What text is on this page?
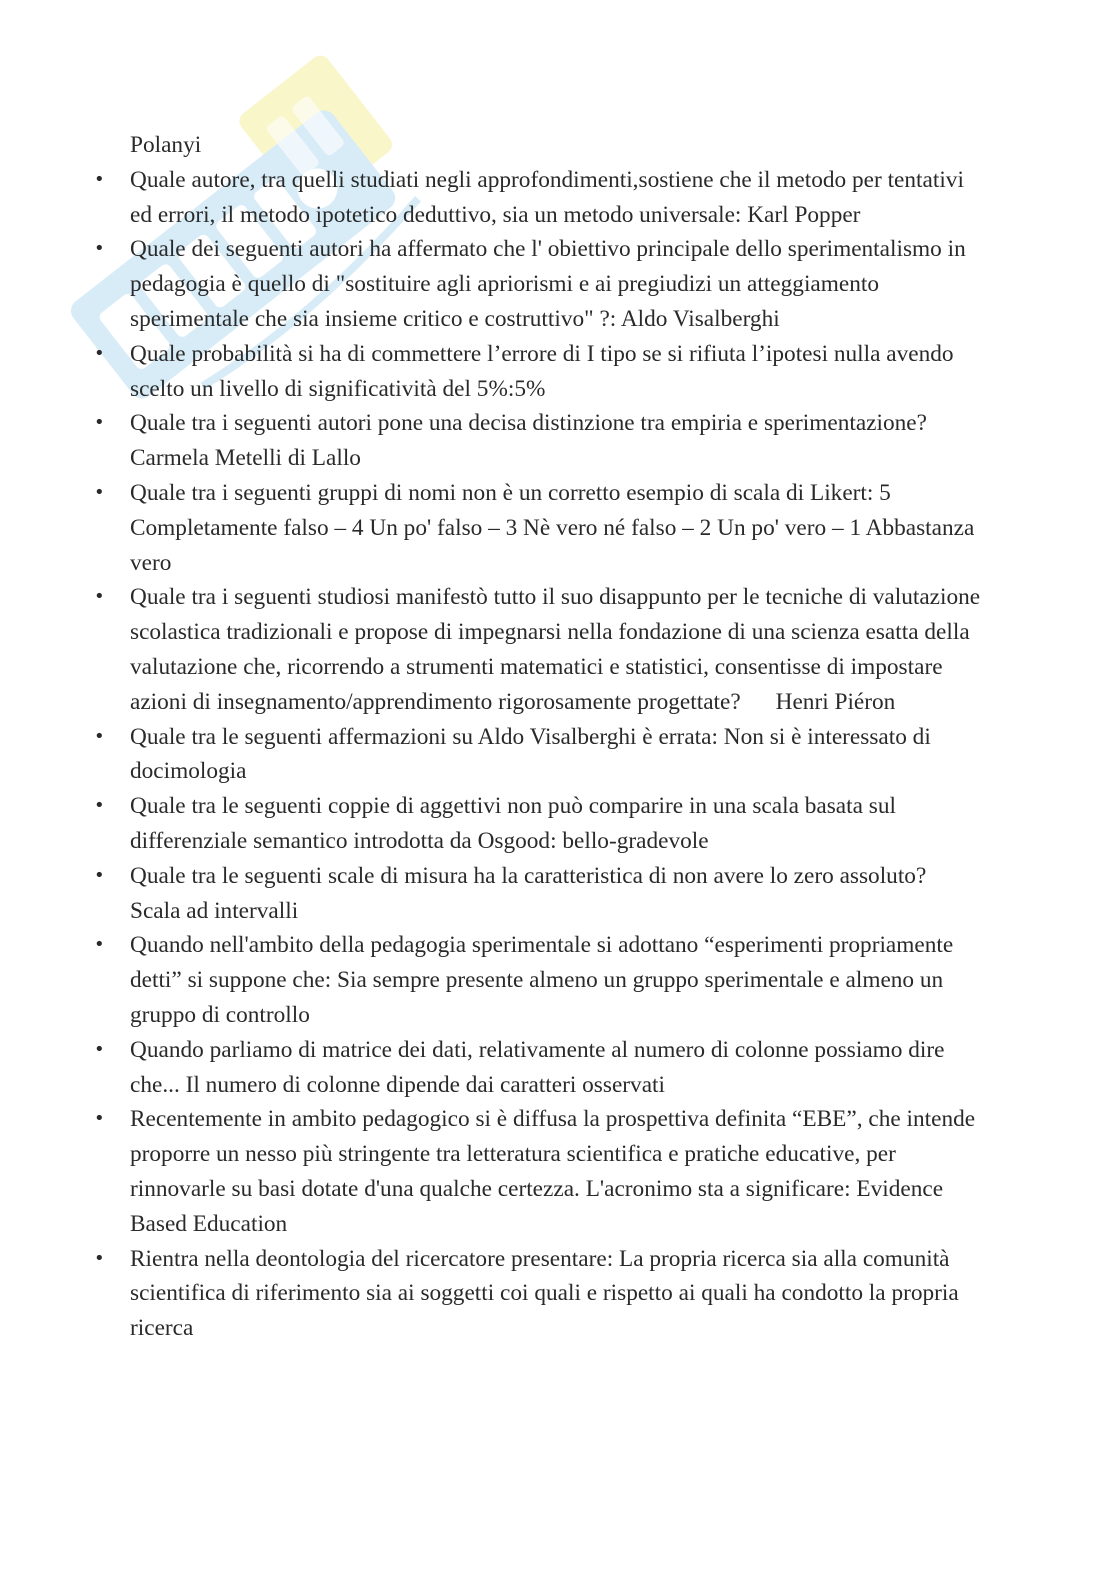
Polanyi

• Quale autore, tra quelli studiati negli approfondimenti,sostiene che il metodo per tentativi ed errori, il metodo ipotetico deduttivo, sia un metodo universale: Karl Popper
• Quale dei seguenti autori ha affermato che l' obiettivo principale dello sperimentalismo in pedagogia è quello di "sostituire agli apriorismi e ai pregiudizi un atteggiamento sperimentale che sia insieme critico e costruttivo" ?: Aldo Visalberghi
• Quale probabilità si ha di commettere l’errore di I tipo se si rifiuta l’ipotesi nulla avendo scelto un livello di significatività del 5%:5%
• Quale tra i seguenti autori pone una decisa distinzione tra empiria e sperimentazione? Carmela Metelli di Lallo
• Quale tra i seguenti gruppi di nomi non è un corretto esempio di scala di Likert: 5 Completamente falso – 4 Un po' falso – 3 Nè vero né falso – 2 Un po' vero – 1 Abbastanza vero
• Quale tra i seguenti studiosi manifestò tutto il suo disappunto per le tecniche di valutazione scolastica tradizionali e propose di impegnarsi nella fondazione di una scienza esatta della valutazione che, ricorrendo a strumenti matematici e statistici, consentisse di impostare azioni di insegnamento/apprendimento rigorosamente progettate?      Henri Piéron
• Quale tra le seguenti affermazioni su Aldo Visalberghi è errata: Non si è interessato di docimologia
• Quale tra le seguenti coppie di aggettivi non può comparire in una scala basata sul differenziale semantico introdotta da Osgood: bello-gradevole
• Quale tra le seguenti scale di misura ha la caratteristica di non avere lo zero assoluto? Scala ad intervalli
• Quando nell'ambito della pedagogia sperimentale si adottano “esperimenti propriamente detti” si suppone che: Sia sempre presente almeno un gruppo sperimentale e almeno un gruppo di controllo
• Quando parliamo di matrice dei dati, relativamente al numero di colonne possiamo dire che... Il numero di colonne dipende dai caratteri osservati
• Recentemente in ambito pedagogico si è diffusa la prospettiva definita “EBE”, che intende proporre un nesso più stringente tra letteratura scientifica e pratiche educative, per rinnovarle su basi dotate d'una qualche certezza. L'acronimo sta a significare: Evidence Based Education
• Rientra nella deontologia del ricercatore presentare: La propria ricerca sia alla comunità scientifica di riferimento sia ai soggetti coi quali e rispetto ai quali ha condotto la propria ricerca
